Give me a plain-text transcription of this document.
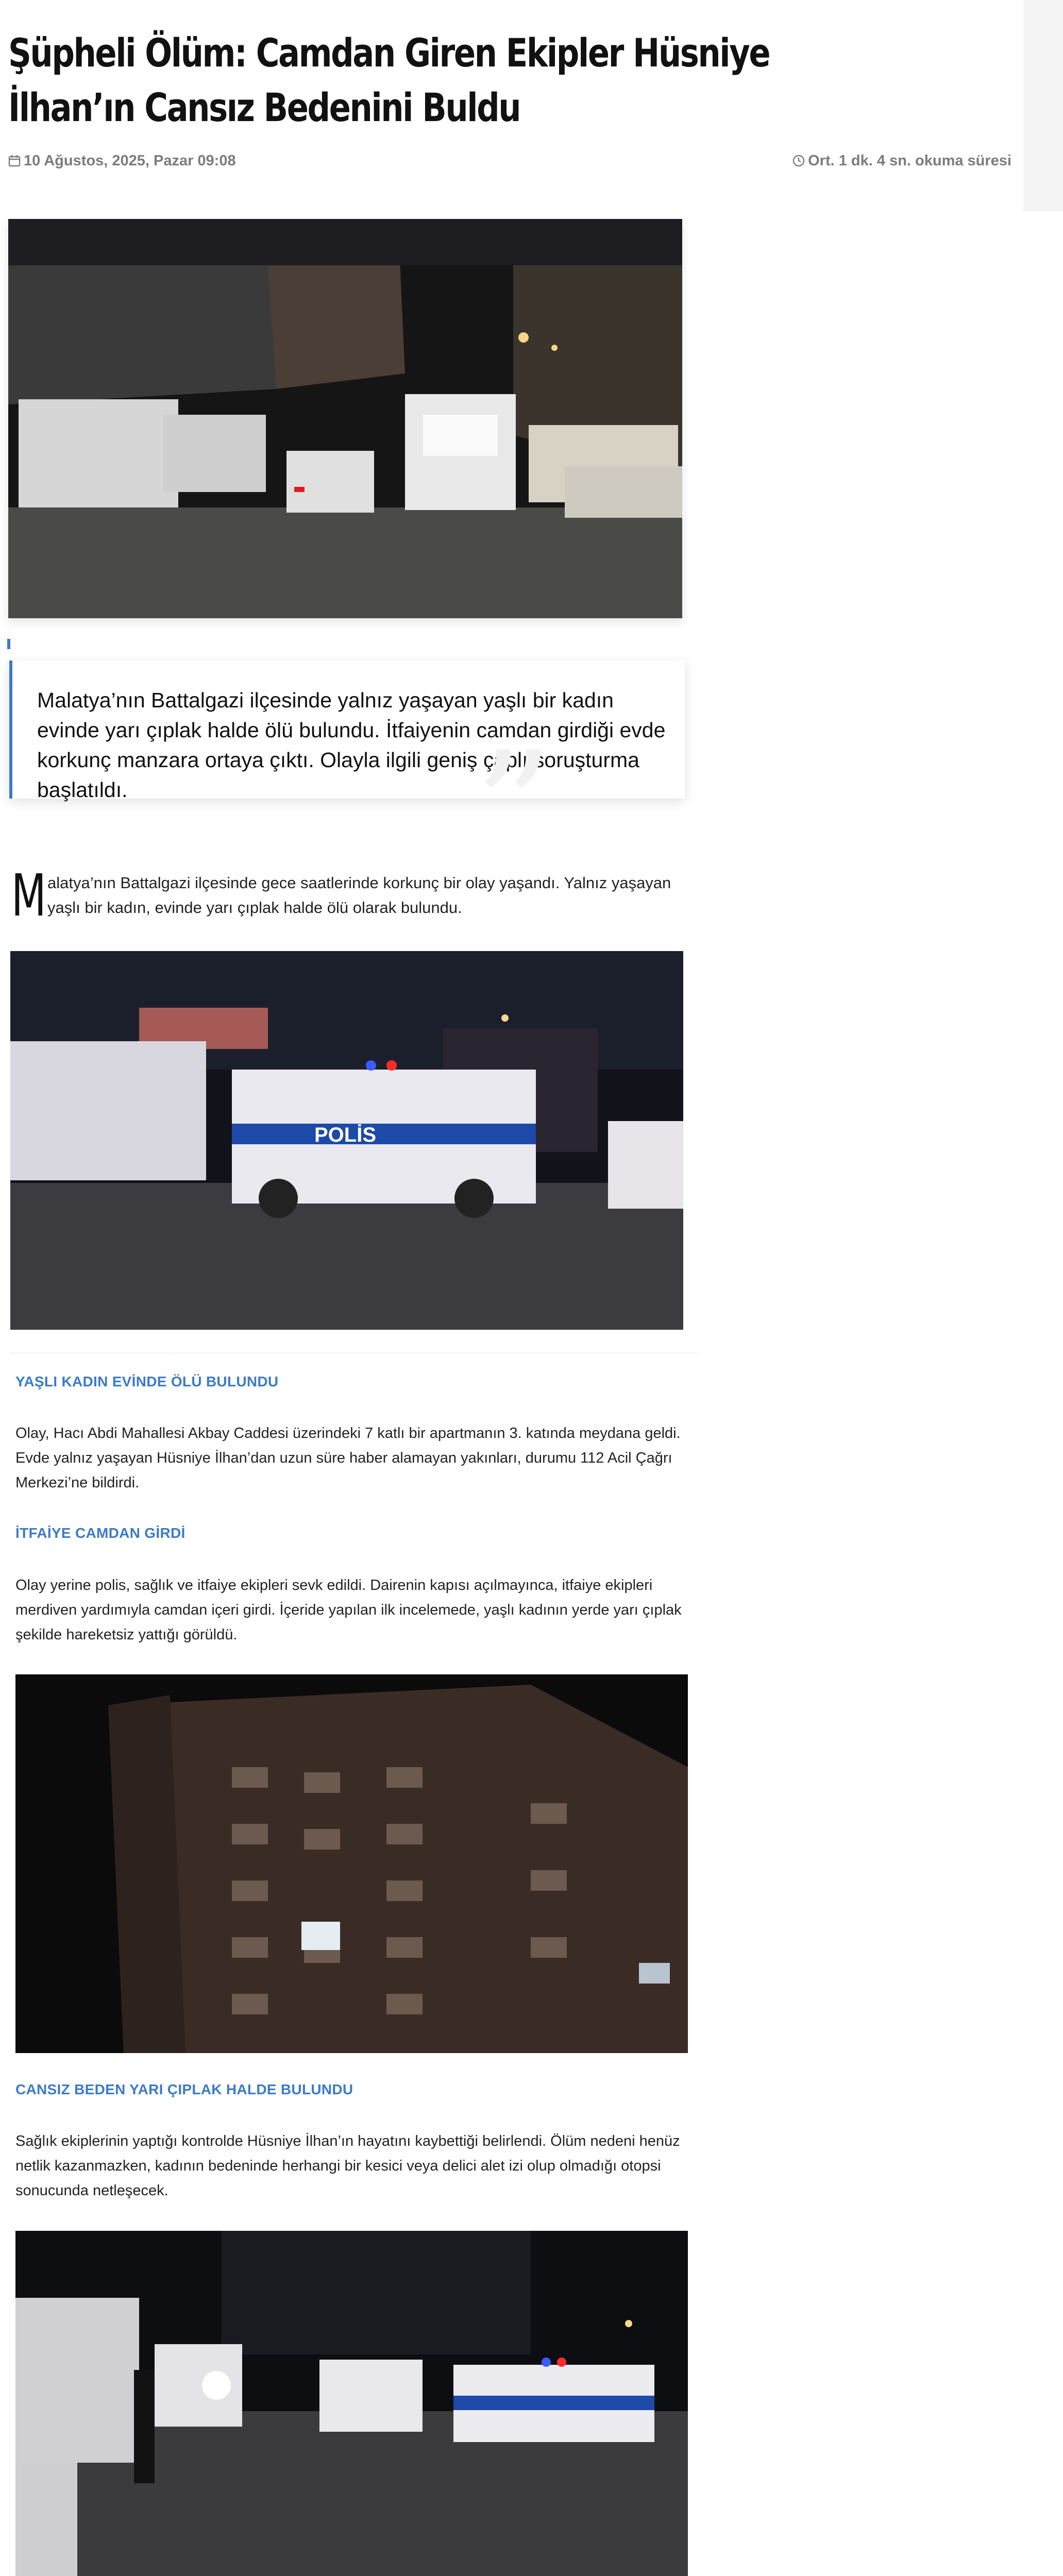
Şüpheli Ölüm: Camdan Giren Ekipler Hüsniye İlhan’ın Cansız Bedenini Buldu
10 Ağustos, 2025, Pazar 09:08	Ort. 1 dk. 4 sn. okuma süresi
Malatya’nın Battalgazi ilçesinde yalnız yaşayan yaşlı bir kadın evinde yarı çıplak halde ölü bulundu. İtfaiyenin camdan girdiği evde korkunç manzara ortaya çıktı. Olayla ilgili geniş çaplı soruşturma başlatıldı.	”
M alatya’nın Battalgazi ilçesinde gece saatlerinde korkunç bir olay yaşandı. Yalnız yaşayan yaşlı bir kadın, evinde yarı çıplak halde ölü olarak bulundu.
POLİS
YAŞLI KADIN EVİNDE ÖLÜ BULUNDU
Olay, Hacı Abdi Mahallesi Akbay Caddesi üzerindeki 7 katlı bir apartmanın 3. katında meydana geldi. Evde yalnız yaşayan Hüsniye İlhan’dan uzun süre haber alamayan yakınları, durumu 112 Acil Çağrı Merkezi’ne bildirdi.
İTFAİYE CAMDAN GİRDİ
Olay yerine polis, sağlık ve itfaiye ekipleri sevk edildi. Dairenin kapısı açılmayınca, itfaiye ekipleri merdiven yardımıyla camdan içeri girdi. İçeride yapılan ilk incelemede, yaşlı kadının yerde yarı çıplak şekilde hareketsiz yattığı görüldü.
CANSIZ BEDEN YARI ÇIPLAK HALDE BULUNDU
Sağlık ekiplerinin yaptığı kontrolde Hüsniye İlhan’ın hayatını kaybettiği belirlendi. Ölüm nedeni henüz netlik kazanmazken, kadının bedeninde herhangi bir kesici veya delici alet izi olup olmadığı otopsi sonucunda netleşecek.
